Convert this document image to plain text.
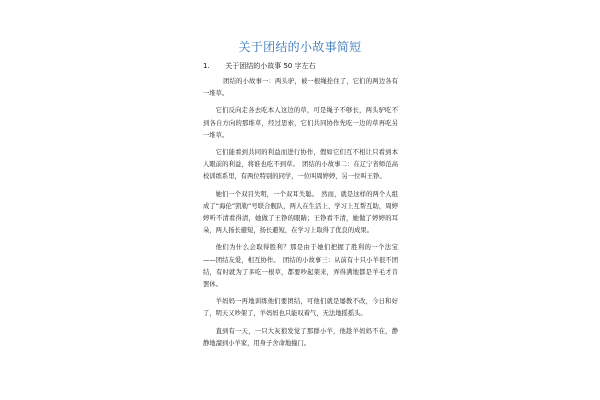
关于团结的小故事简短
1. 关于团结的小故事 50 字左右

团结的小故事一：两头驴，被一根绳拴住了，它们的两边各有一堆草。

它们反向走各去吃本人这边的草，可是绳子不够长，两头驴吃不到各自方向的那堆草，经过思索，它们共同协作先吃一边的草再吃另一堆草。

它们能看到共同的利益而进行协作，假如它们互不相让只看到本人眼前的利益，将谁也吃不到草。　团结的小故事二：在辽宁省师范高校训练系里，有两位特别的同学，一位叫周婷婷，另一位叫王铮。

她们一个双目失明，一个双耳失聪。　然而，就是这样的两个人组成了“海伦”凯勒”号联合舰队，两人在生活上、学习上互帮互助，周婷婷听不清看得清，她做了王铮的眼睛；王铮看不清，她做了婷婷的耳朵，两人扬长避短，扬长避短，在学习上取得了优良的成果。

他们为什么会取得胜利？那是由于她们把握了胜利的一个法宝——团结友爱，相互协作。　团结的小故事三：从前有十只小羊很不团结，有时就为了多吃一根草，都要吵起架来，弄得满地都是羊毛才肯罢休。

羊妈妈一再地训练他们要团结，可他们就是屡教不改，今日和好了，明天又吵架了，羊妈妈也只能叹着气，无法地摇摇头。

直到有一天，一只大灰狼发觉了那群小羊，他趁羊妈妈不在，静静地溜到小羊家，用身子舍命地撞门。
